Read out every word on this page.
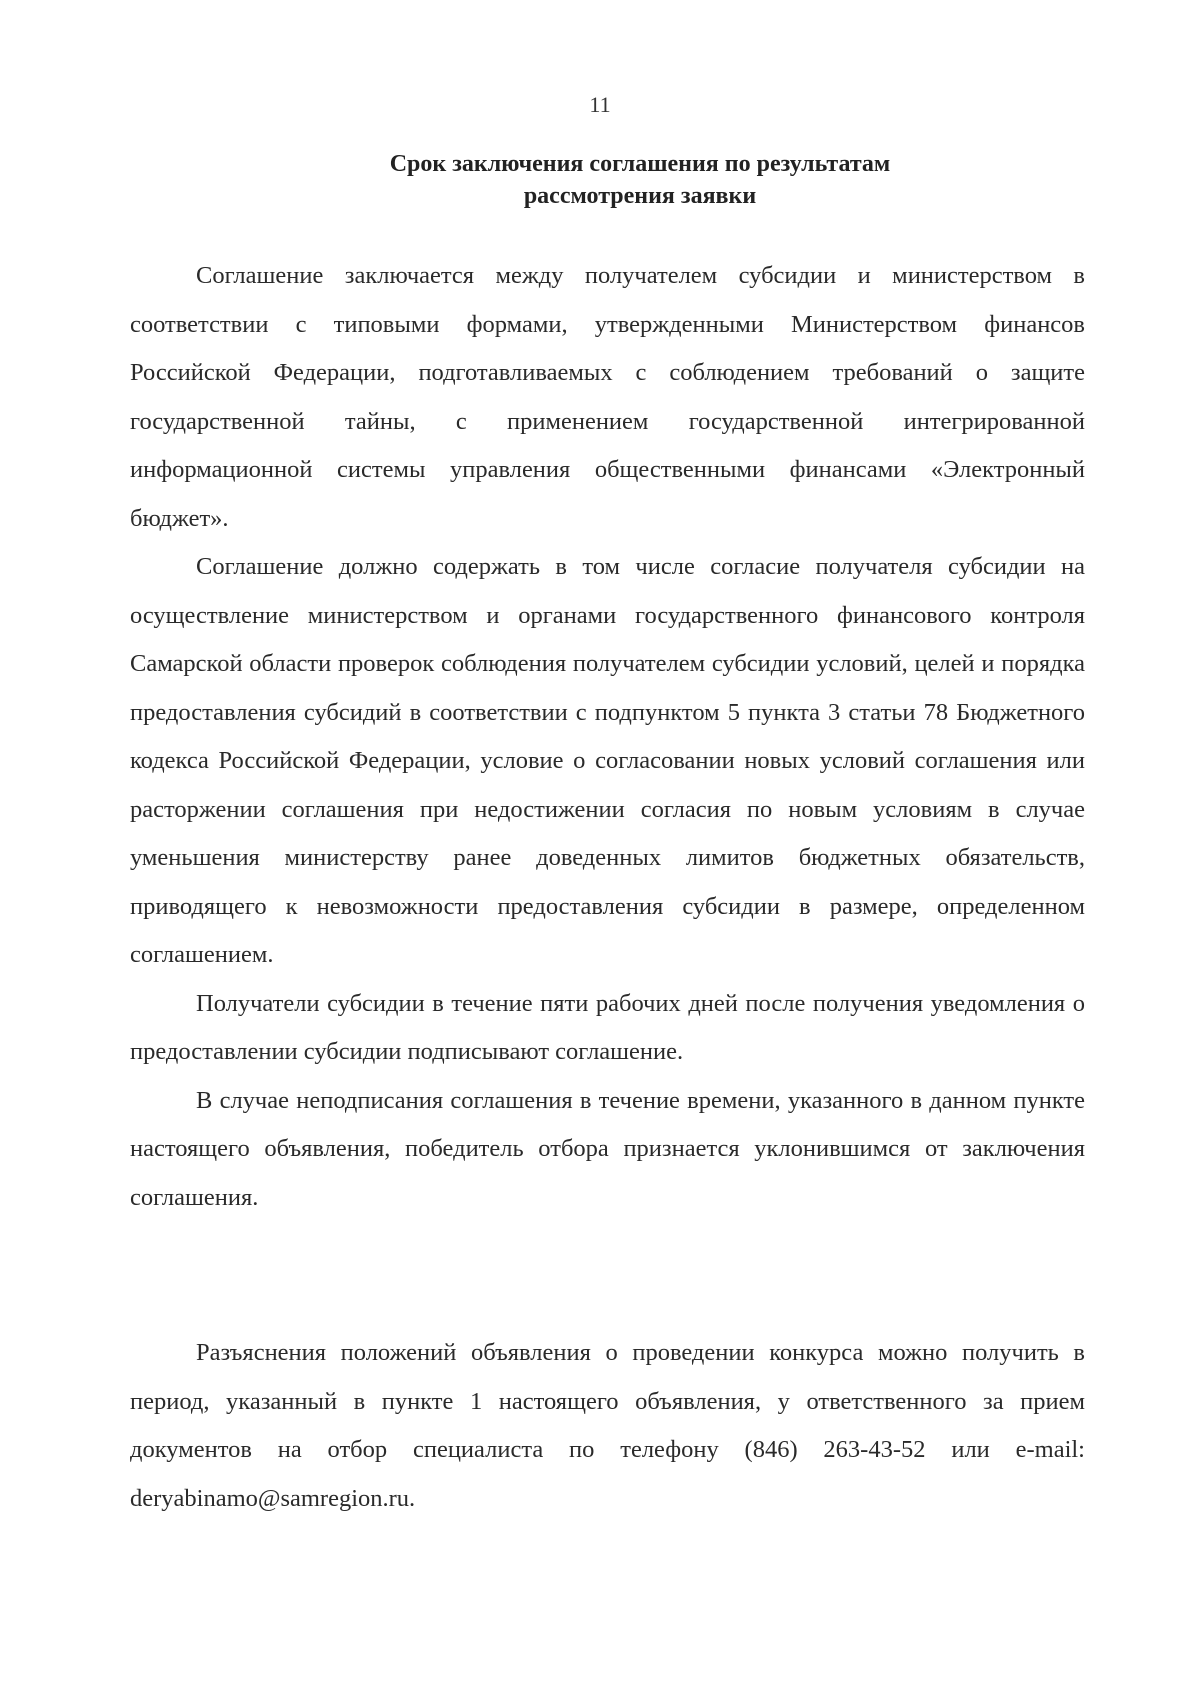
11
Срок заключения соглашения по результатам
рассмотрения заявки

Соглашение заключается между получателем субсидии и министерством в соответствии с типовыми формами, утвержденными Министерством финансов Российской Федерации, подготавливаемых с соблюдением требований о защите государственной тайны, с применением государственной интегрированной информационной системы управления общественными финансами «Электронный бюджет».

Соглашение должно содержать в том числе согласие получателя субсидии на осуществление министерством и органами государственного финансового контроля Самарской области проверок соблюдения получателем субсидии условий, целей и порядка предоставления субсидий в соответствии с подпунктом 5 пункта 3 статьи 78 Бюджетного кодекса Российской Федерации, условие о согласовании новых условий соглашения или расторжении соглашения при недостижении согласия по новым условиям в случае уменьшения министерству ранее доведенных лимитов бюджетных обязательств, приводящего к невозможности предоставления субсидии в размере, определенном соглашением.

Получатели субсидии в течение пяти рабочих дней после получения уведомления о предоставлении субсидии подписывают соглашение.

В случае неподписания соглашения в течение времени, указанного в данном пункте настоящего объявления, победитель отбора признается уклонившимся от заключения соглашения.

Разъяснения положений объявления о проведении конкурса можно получить в период, указанный в пункте 1 настоящего объявления, у ответственного за прием документов на отбор специалиста по телефону (846) 263-43-52 или e-mail: deryabinamo@samregion.ru.
